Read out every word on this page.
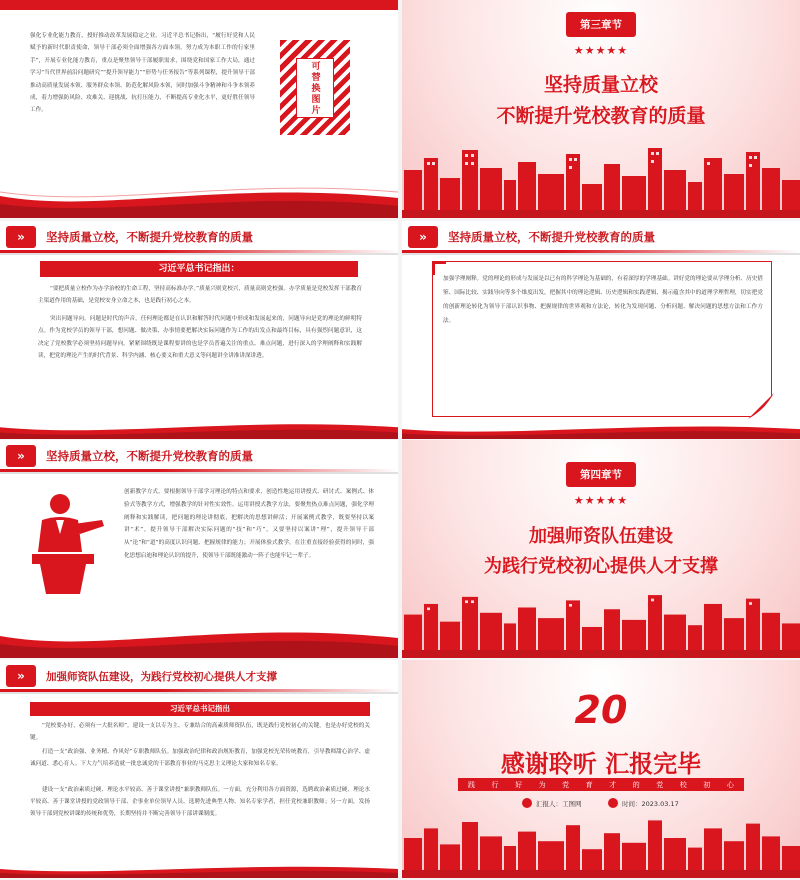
强化专业化能力教育，授好推动改革发展稳定之业。习近平总书记指出，“履行好党和人民赋予的新时代职责使命，领导干部必须全面增强各方面本领，努力成为本职工作的行家里手”，开展专业化能力教育，重点是聚焦领导干部履职需求，围绕党和国家工作大局，通过学习“当代世界前沿问题研究”“提升领导能力”“形势与任务报告”等系列课程，提升领导干部推动高质量发展本领、服务群众本领、防范化解风险本领，同时加强斗争精神和斗争本领养成，着力增强防风险、攻难关、迎挑战、抗打压能力，不断提高专业化水平，更好胜任领导工作。	可替换图片
第三章节
★★★★★
坚持质量立校
不断提升党校教育的质量
» 坚持质量立校，不断提升党校教育的质量
习近平总书记指出：
“要把质量立校作为办学治校的生命工程，坚持高标准办学。”质量兴则党校兴，质量高则党校强。办学质量是党校发挥干部教育主渠道作用的基础，是党校安身立命之本，也是践行初心之本。
突出问题导向。问题是时代的声音，任何理论都是在认识和解答时代问题中形成和发展起来的，问题导向是党的理论的鲜明特点。作为党校学员的领导干部，想问题、做决策、办事情要把解决实际问题作为工作的出发点和最终目标，具有强烈问题意识，这决定了党校教学必须坚持问题导向。紧紧围绕既是课程要讲的也是学员普遍关注的重点、难点问题，进行深入的学理阐释和实践解读，把党的理论产生的时代背景、科学内涵、核心要义和重大意义等问题讲全讲准讲深讲透。
» 坚持质量立校，不断提升党校教育的质量
加强学理阐释。党的理论的形成与发展是以已有的科学理论为基础的，有着深厚的学理基础。讲好党的理论要从学理分析、历史借鉴、国际比较、实践导向等多个维度出发，把握其中的理论逻辑、历史逻辑和实践逻辑，揭示蕴含其中的道理学理哲理，切实把党的创新理论转化为领导干部认识事物、把握规律的世界观和方法论，转化为发现问题、分析问题、解决问题的思想方法和工作方法。
» 坚持质量立校，不断提升党校教育的质量
创新教学方式。要根据领导干部学习理论的特点和要求，创造性地运用讲授式、研讨式、案例式、体验式等教学方式，增强教学的针对性实效性。运用讲授式教学方法，要聚焦热点难点问题，强化学理阐释和实践解读，把问题的理论讲彻底，把解决的思想讲鲜活；开展案例式教学，既要坚持以案讲“术”，提升领导干部解决实际问题的“技”和“巧”，又要坚持以案讲“理”，提升领导干部从“论”和“道”的高度认识问题、把握规律的能力；开展体验式教学，在注重直接经验获得的同时，强化思想启迪和理论认识的提升，使领导干部既能激动一阵子也能牢记一辈子。
第四章节
★★★★★
加强师资队伍建设
为践行党校初心提供人才支撑
» 加强师资队伍建设，为践行党校初心提供人才支撑
习近平总书记指出
“党校要办好，必须有一大批名师”。建设一支以专为主、专兼结合的高素质师资队伍，既是践行党校初心的关键，也是办好党校的关键。
打造一支“政治强、业务精、作风好”专职教师队伍。加强政治纪律和政治规矩教育，加强党校光荣传统教育，引导教师甜心治学、虚诚问道、悉心育人。下大力气培养造就一批忠诚党的干部教育事业的马克思主义理论大家和知名专家。
建设一支“政治素质过硬、理论水平较高、善于课堂讲授”兼职教师队伍。一方面，充分利用各方面资源，选聘政治素质过硬、理论水平较高、善于课堂讲授的党政领导干部、企事业单位领导人员、选聘先进典型人物、知名专家学者，担任党校兼职教师；另一方面，发扬领导干部到党校讲课的传统和优势，长期坚持并不断完善领导干部讲课制度。
20
感谢聆听 汇报完毕
践 行 好 为 党 育 才 的 党 校 初 心
汇报人：工图网	时间：2023.03.17
